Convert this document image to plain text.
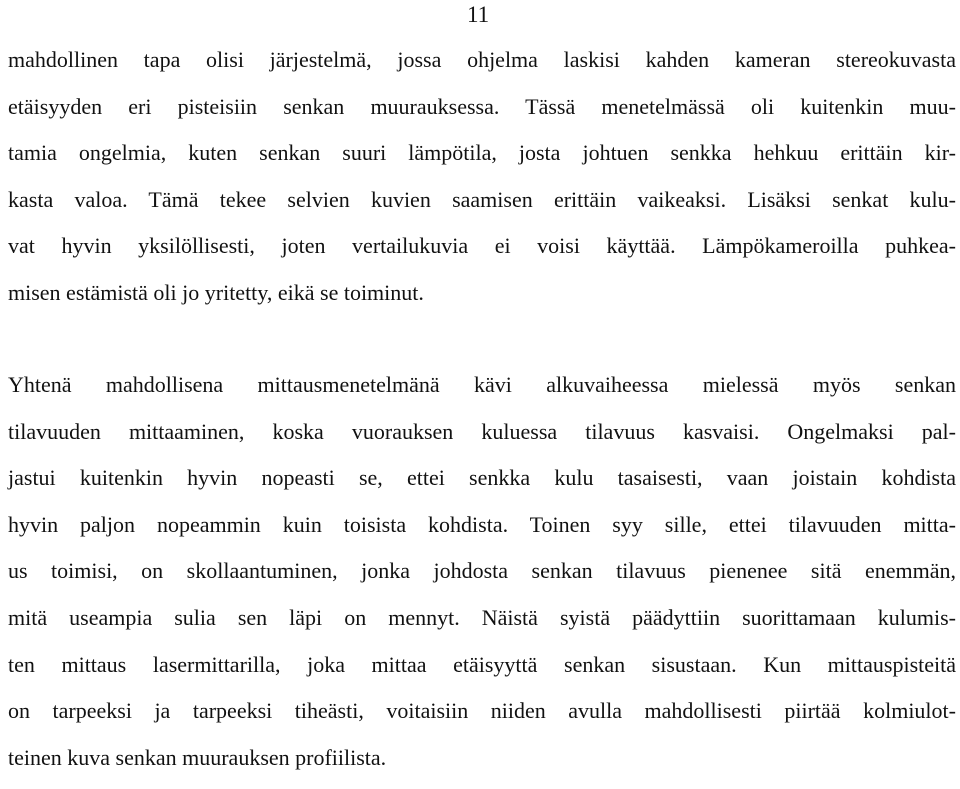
11
mahdollinen tapa olisi järjestelmä, jossa ohjelma laskisi kahden kameran stereokuvasta
etäisyyden eri pisteisiin senkan muurauksessa. Tässä menetelmässä oli kuitenkin muu-
tamia ongelmia, kuten senkan suuri lämpötila, josta johtuen senkka hehkuu erittäin kir-
kasta valoa. Tämä tekee selvien kuvien saamisen erittäin vaikeaksi. Lisäksi senkat kulu-
vat hyvin yksilöllisesti, joten vertailukuvia ei voisi käyttää. Lämpökameroilla puhkea-
misen estämistä oli jo yritetty, eikä se toiminut.
Yhtenä mahdollisena mittausmenetelmänä kävi alkuvaiheessa mielessä myös senkan
tilavuuden mittaaminen, koska vuorauksen kuluessa tilavuus kasvaisi. Ongelmaksi pal-
jastui kuitenkin hyvin nopeasti se, ettei senkka kulu tasaisesti, vaan joistain kohdista
hyvin paljon nopeammin kuin toisista kohdista. Toinen syy sille, ettei tilavuuden mitta-
us toimisi, on skollaantuminen, jonka johdosta senkan tilavuus pienenee sitä enemmän,
mitä useampia sulia sen läpi on mennyt. Näistä syistä päädyttiin suorittamaan kulumis-
ten mittaus lasermittarilla, joka mittaa etäisyyttä senkan sisustaan. Kun mittauspisteitä
on tarpeeksi ja tarpeeksi tiheästi, voitaisiin niiden avulla mahdollisesti piirtää kolmiulot-
teinen kuva senkan muurauksen profiilista.
